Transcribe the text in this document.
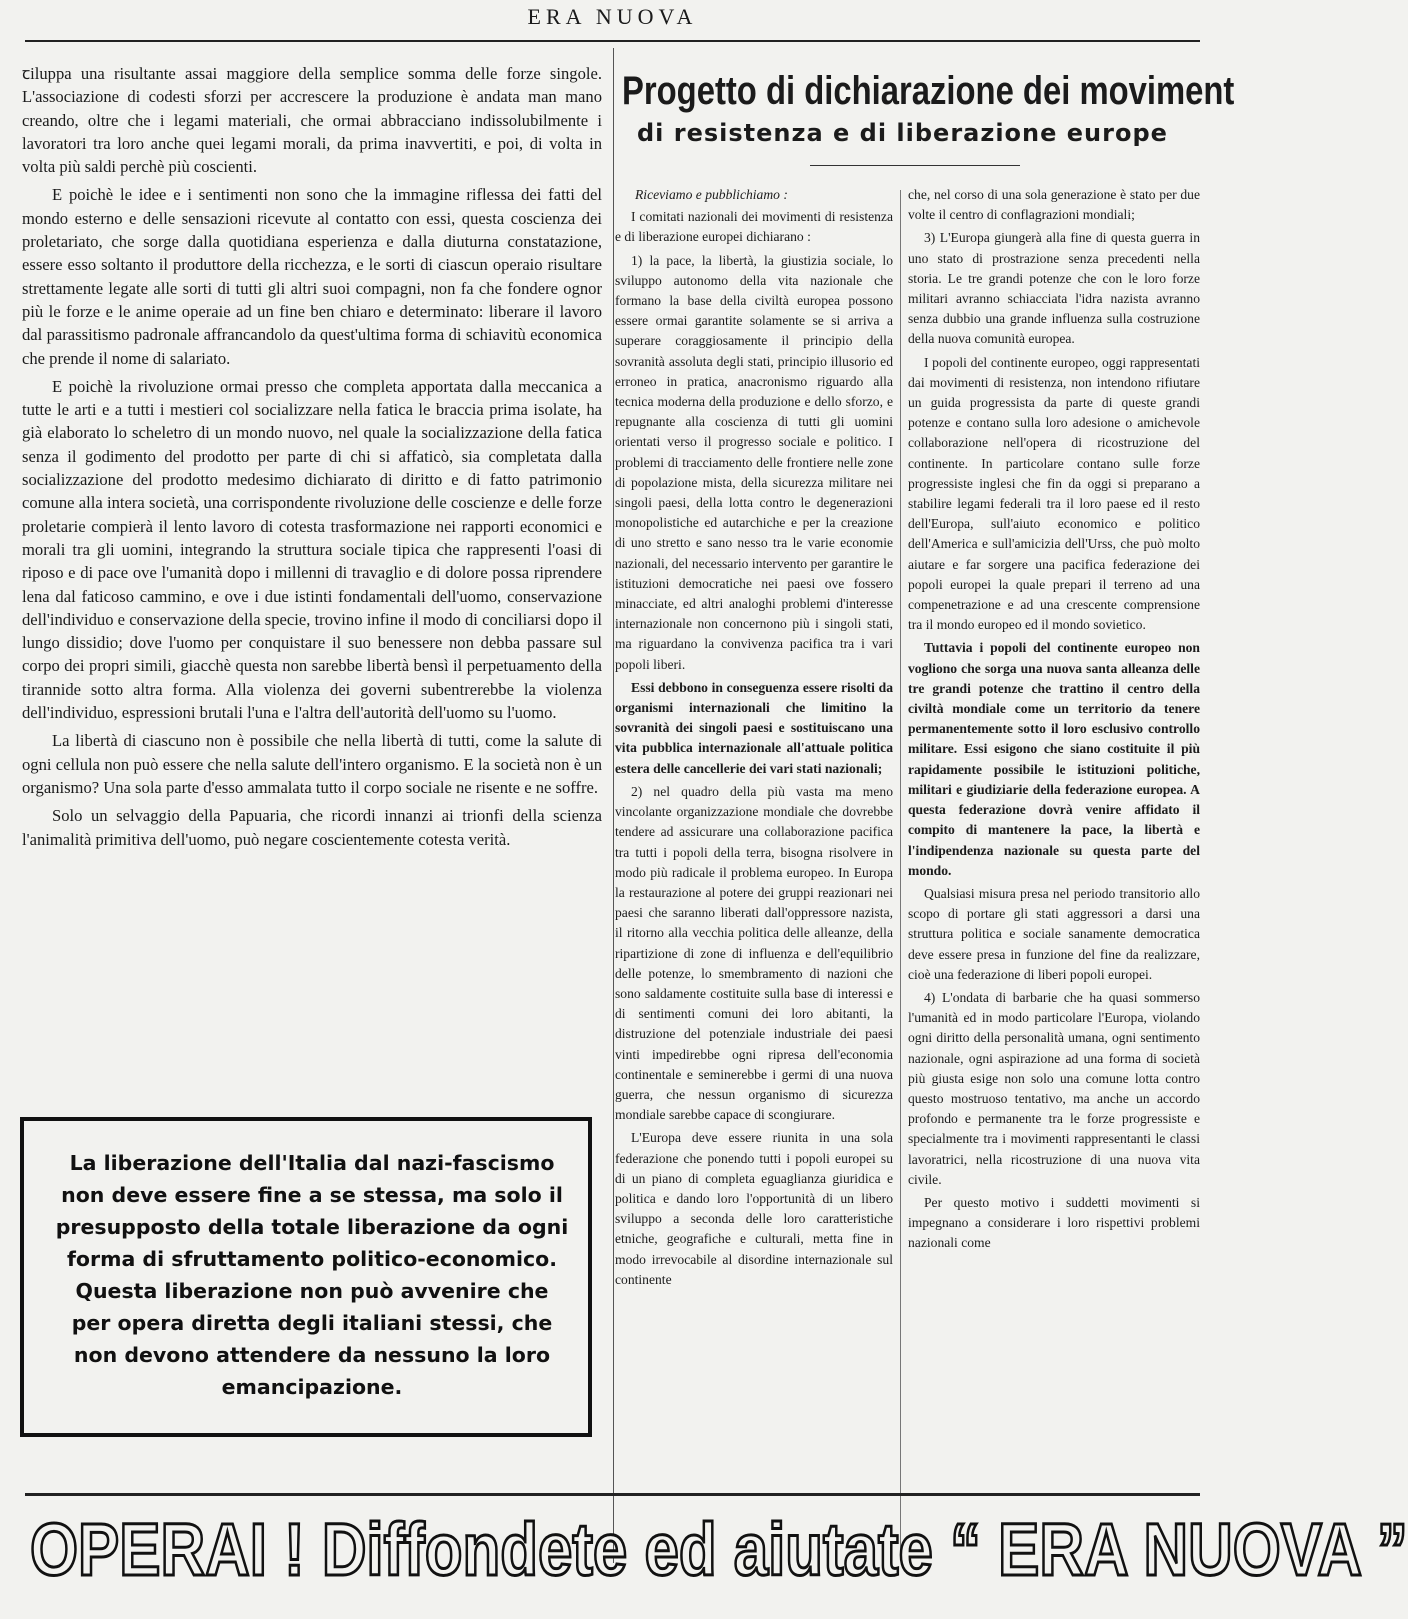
ERA NUOVA

ꞇiluppa una risultante assai maggiore della semplice somma delle forze singole. L'associazione di codesti sforzi per accrescere la produzione è andata man mano creando, oltre che i legami materiali, che ormai abbracciano indissolubilmente i lavoratori tra loro anche quei legami morali, da prima inavvertiti, e poi, di volta in volta più saldi perchè più coscienti.

E poichè le idee e i sentimenti non sono che la immagine riflessa dei fatti del mondo esterno e delle sensazioni ricevute al contatto con essi, questa coscienza dei proletariato, che sorge dalla quotidiana esperienza e dalla diuturna constatazione, essere esso soltanto il produttore della ricchezza, e le sorti di ciascun operaio risultare strettamente legate alle sorti di tutti gli altri suoi compagni, non fa che fondere ognor più le forze e le anime operaie ad un fine ben chiaro e determinato: liberare il lavoro dal parassitismo padronale affrancandolo da quest'ultima forma di schiavitù economica che prende il nome di salariato.

E poichè la rivoluzione ormai presso che completa apportata dalla meccanica a tutte le arti e a tutti i mestieri col socializzare nella fatica le braccia prima isolate, ha già elaborato lo scheletro di un mondo nuovo, nel quale la socializzazione della fatica senza il godimento del prodotto per parte di chi si affaticò, sia completata dalla socializzazione del prodotto medesimo dichiarato di diritto e di fatto patrimonio comune alla intera società, una corrispondente rivoluzione delle coscienze e delle forze proletarie compierà il lento lavoro di cotesta trasformazione nei rapporti economici e morali tra gli uomini, integrando la struttura sociale tipica che rappresenti l'oasi di riposo e di pace ove l'umanità dopo i millenni di travaglio e di dolore possa riprendere lena dal faticoso cammino, e ove i due istinti fondamentali dell'uomo, conservazione dell'individuo e conservazione della specie, trovino infine il modo di conciliarsi dopo il lungo dissidio; dove l'uomo per conquistare il suo benessere non debba passare sul corpo dei propri simili, giacchè questa non sarebbe libertà bensì il perpetuamento della tirannide sotto altra forma. Alla violenza dei governi subentrerebbe la violenza dell'individuo, espressioni brutali l'una e l'altra dell'autorità dell'uomo su l'uomo.

La libertà di ciascuno non è possibile che nella libertà di tutti, come la salute di ogni cellula non può essere che nella salute dell'intero organismo. E la società non è un organismo? Una sola parte d'esso ammalata tutto il corpo sociale ne risente e ne soffre.

Solo un selvaggio della Papuaria, che ricordi innanzi ai trionfi della scienza l'animalità primitiva dell'uomo, può negare coscientemente cotesta verità.

La liberazione dell'Italia dal nazi-fascismo non deve essere fine a se stessa, ma solo il presupposto della totale liberazione da ogni forma di sfruttamento politico-economico.

Questa liberazione non può avvenire che per opera diretta degli italiani stessi, che non devono attendere da nessuno la loro emancipazione.

Progetto di dichiarazione dei moviment
di resistenza e di liberazione europe

Riceviamo e pubblichiamo :

I comitati nazionali dei movimenti di resistenza e di liberazione europei dichiarano :

1) la pace, la libertà, la giustizia sociale, lo sviluppo autonomo della vita nazionale che formano la base della civiltà europea possono essere ormai garantite solamente se si arriva a superare coraggiosamente il principio della sovranità assoluta degli stati, principio illusorio ed erroneo in pratica, anacronismo riguardo alla tecnica moderna della produzione e dello sforzo, e repugnante alla coscienza di tutti gli uomini orientati verso il progresso sociale e politico. I problemi di tracciamento delle frontiere nelle zone di popolazione mista, della sicurezza militare nei singoli paesi, della lotta contro le degenerazioni monopolistiche ed autarchiche e per la creazione di uno stretto e sano nesso tra le varie economie nazionali, del necessario intervento per garantire le istituzioni democratiche nei paesi ove fossero minacciate, ed altri analoghi problemi d'interesse internazionale non concernono più i singoli stati, ma riguardano la convivenza pacifica tra i vari popoli liberi.

Essi debbono in conseguenza essere risolti da organismi internazionali che limitino la sovranità dei singoli paesi e sostituiscano una vita pubblica internazionale all'attuale politica estera delle cancellerie dei vari stati nazionali;

2) nel quadro della più vasta ma meno vincolante organizzazione mondiale che dovrebbe tendere ad assicurare una collaborazione pacifica tra tutti i popoli della terra, bisogna risolvere in modo più radicale il problema europeo. In Europa la restaurazione al potere dei gruppi reazionari nei paesi che saranno liberati dall'oppressore nazista, il ritorno alla vecchia politica delle alleanze, della ripartizione di zone di influenza e dell'equilibrio delle potenze, lo smembramento di nazioni che sono saldamente costituite sulla base di interessi e di sentimenti comuni dei loro abitanti, la distruzione del potenziale industriale dei paesi vinti impedirebbe ogni ripresa dell'economia continentale e seminerebbe i germi di una nuova guerra, che nessun organismo di sicurezza mondiale sarebbe capace di scongiurare.

L'Europa deve essere riunita in una sola federazione che ponendo tutti i popoli europei su di un piano di completa eguaglianza giuridica e politica e dando loro l'opportunità di un libero sviluppo a seconda delle loro caratteristiche etniche, geografiche e culturali, metta fine in modo irrevocabile al disordine internazionale sul continente

che, nel corso di una sola generazione è stato per due volte il centro di conflagrazioni mondiali;

3) L'Europa giungerà alla fine di questa guerra in uno stato di prostrazione senza precedenti nella storia. Le tre grandi potenze che con le loro forze militari avranno schiacciata l'idra nazista avranno senza dubbio una grande influenza sulla costruzione della nuova comunità europea.

I popoli del continente europeo, oggi rappresentati dai movimenti di resistenza, non intendono rifiutare un guida progressista da parte di queste grandi potenze e contano sulla loro adesione o amichevole collaborazione nell'opera di ricostruzione del continente. In particolare contano sulle forze progressiste inglesi che fin da oggi si preparano a stabilire legami federali tra il loro paese ed il resto dell'Europa, sull'aiuto economico e politico dell'America e sull'amicizia dell'Urss, che può molto aiutare e far sorgere una pacifica federazione dei popoli europei la quale prepari il terreno ad una compenetrazione e ad una crescente comprensione tra il mondo europeo ed il mondo sovietico.

Tuttavia i popoli del continente europeo non vogliono che sorga una nuova santa alleanza delle tre grandi potenze che trattino il centro della civiltà mondiale come un territorio da tenere permanentemente sotto il loro esclusivo controllo militare. Essi esigono che siano costituite il più rapidamente possibile le istituzioni politiche, militari e giudiziarie della federazione europea. A questa federazione dovrà venire affidato il compito di mantenere la pace, la libertà e l'indipendenza nazionale su questa parte del mondo.

Qualsiasi misura presa nel periodo transitorio allo scopo di portare gli stati aggressori a darsi una struttura politica e sociale sanamente democratica deve essere presa in funzione del fine da realizzare, cioè una federazione di liberi popoli europei.

4) L'ondata di barbarie che ha quasi sommerso l'umanità ed in modo particolare l'Europa, violando ogni diritto della personalità umana, ogni sentimento nazionale, ogni aspirazione ad una forma di società più giusta esige non solo una comune lotta contro questo mostruoso tentativo, ma anche un accordo profondo e permanente tra le forze progressiste e specialmente tra i movimenti rappresentanti le classi lavoratrici, nella ricostruzione di una nuova vita civile.

Per questo motivo i suddetti movimenti si impegnano a considerare i loro rispettivi problemi nazionali come

OPERAI ! Diffondete ed aiutate “ ERA NUOVA ”
